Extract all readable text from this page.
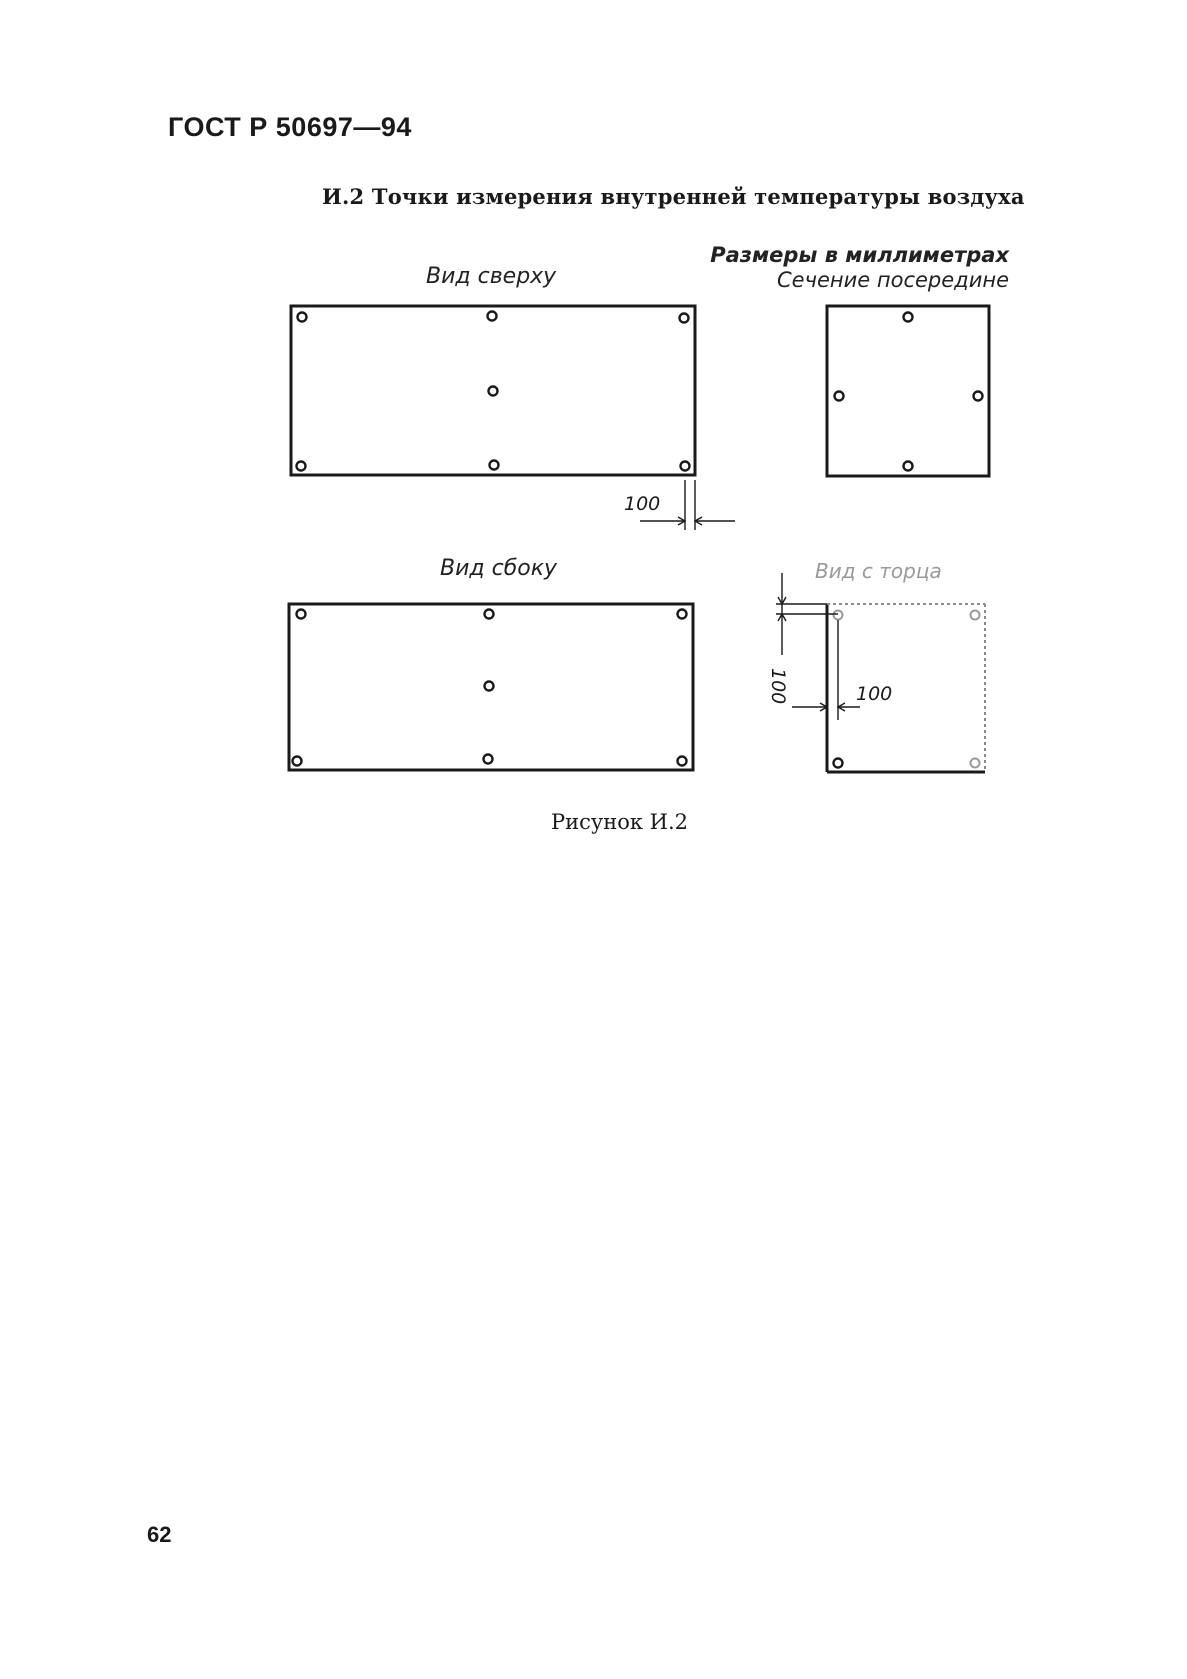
ГОСТ Р 50697—94
И.2 Точки измерения внутренней температуры воздуха
Размеры в миллиметрах
Сечение посередине
Вид сверху
Вид сбоку	Вид с торца
100
100	100
Рисунок И.2
62
